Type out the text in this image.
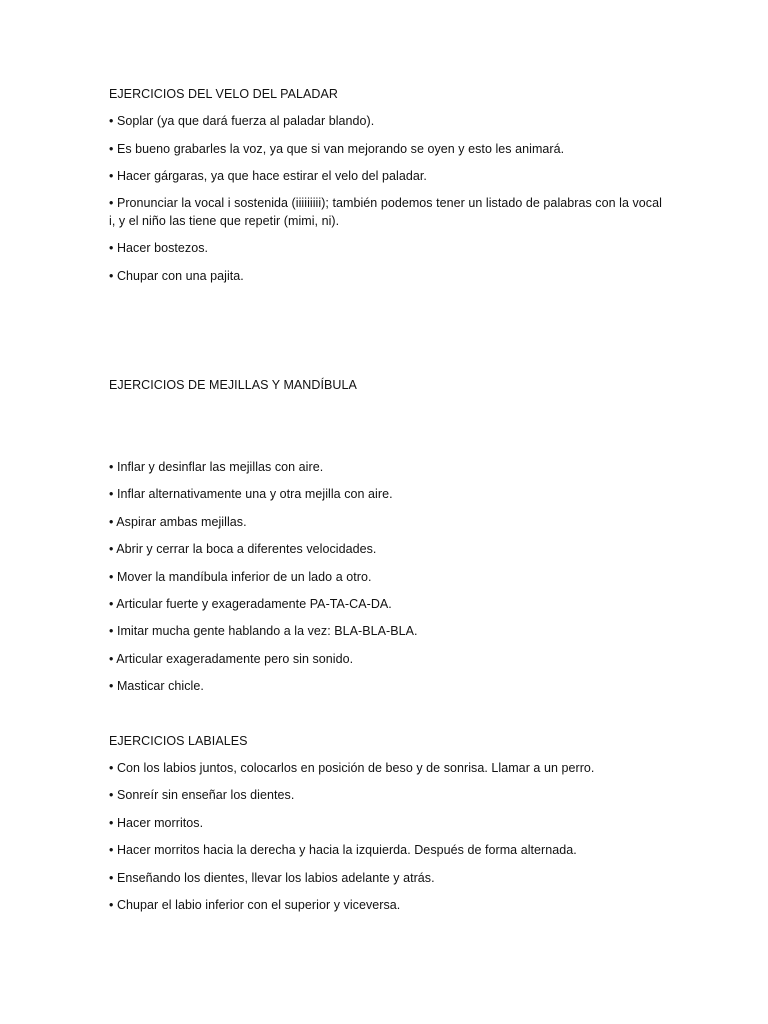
EJERCICIOS DEL VELO DEL PALADAR
• Soplar (ya que dará fuerza al paladar blando).
• Es bueno grabarles la voz, ya que si van mejorando se oyen y esto les animará.
• Hacer gárgaras, ya que hace estirar el velo del paladar.
• Pronunciar la vocal i sostenida (iiiiiiiii); también podemos tener un listado de palabras con la vocal i, y el niño las tiene que repetir (mimi, ni).
• Hacer bostezos.
• Chupar con una pajita.
EJERCICIOS DE MEJILLAS Y MANDÍBULA
• Inflar y desinflar las mejillas con aire.
• Inflar alternativamente una y otra mejilla con aire.
• Aspirar ambas mejillas.
• Abrir y cerrar la boca a diferentes velocidades.
• Mover la mandíbula inferior de un lado a otro.
• Articular fuerte y exageradamente PA-TA-CA-DA.
• Imitar mucha gente hablando a la vez: BLA-BLA-BLA.
• Articular exageradamente pero sin sonido.
• Masticar chicle.
EJERCICIOS LABIALES
• Con los labios juntos, colocarlos en posición de beso y de sonrisa. Llamar a un perro.
• Sonreír sin enseñar los dientes.
• Hacer morritos.
• Hacer morritos hacia la derecha y hacia la izquierda. Después de forma alternada.
• Enseñando los dientes, llevar los labios adelante y atrás.
• Chupar el labio inferior con el superior y viceversa.
